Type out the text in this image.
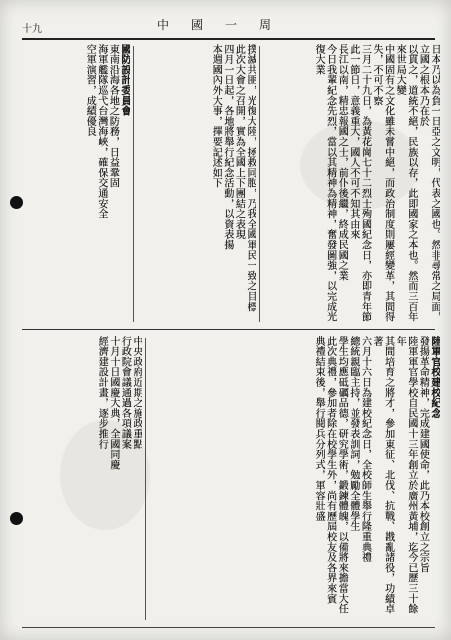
中國一周
十九
日本乃以為負一日亞之文明，代表之國也。然非尋常之局面，立國之根本乃在於
以貫之，道統不絕，民族以存，此即國家之本也。然而三百年來世局大變
中國固有之文化雖未嘗中絕，而政治制度則屢經變革，其間得失，不可不察
三月二十九日，為黃花崗七十二烈士殉國紀念日，亦即青年節
此一節日，意義重大，國人不可不知其由來
長江以南，精忠報國之士，前仆後繼，終成民國之業
今日我輩紀念先烈，當以其精神為精神，奮發圖強，以完成光復大業
撲滅共匪，光復大陸，拯救同胞，乃我全國軍民一致之目標
此次大會之召開，實為全國上下團結之表現
四月一日起，各地將舉行紀念活動，以資表揚
本週國內外大事，擇要記述如下
國防設計委員會
東南沿海各地之防務，日益鞏固
海軍艦隊巡弋台灣海峽，確保交通安全
空軍演習，成績優良
陸軍官校建校紀念
發揚革命精神，完成建國使命，此乃本校創立之宗旨
陸軍軍官學校自民國十三年創立於廣州黃埔，迄今已歷三十餘年
其間培育之將才，參加東征、北伐、抗戰、戡亂諸役，功績卓著
六月十六日為建校紀念日，全校師生舉行隆重典禮
總統親臨主持，並發表訓詞，勉勵全體學生
學生均應砥礪品德，研究學術，鍛鍊體魄，以備將來擔當大任
此次典禮，參加者除在校學生外，尚有歷屆校友及各界來賓
典禮結束後，舉行閱兵分列式，軍容壯盛
中央政府近期之施政重點
行政院會議通過各項議案
十月十日國慶大典，全國同慶
經濟建設計畫，逐步推行
